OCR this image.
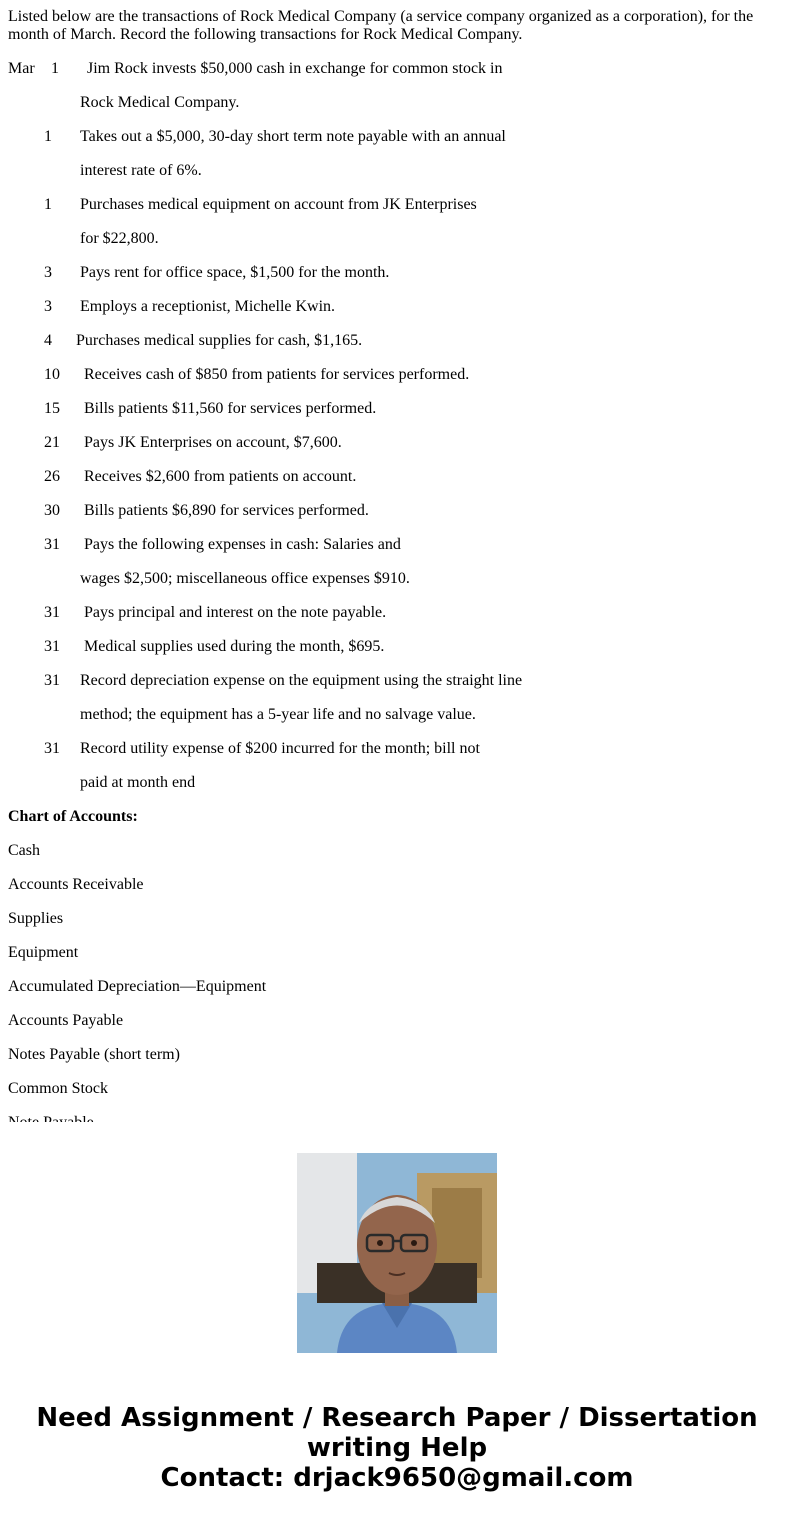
Listed below are the transactions of Rock Medical Company (a service company organized as a corporation), for the month of March. Record the following transactions for Rock Medical Company.

Mar 1 Jim Rock invests $50,000 cash in exchange for common stock in
Rock Medical Company.
1 Takes out a $5,000, 30-day short term note payable with an annual
interest rate of 6%.
1 Purchases medical equipment on account from JK Enterprises
for $22,800.
3 Pays rent for office space, $1,500 for the month.
3 Employs a receptionist, Michelle Kwin.
4 Purchases medical supplies for cash, $1,165.
10 Receives cash of $850 from patients for services performed.
15 Bills patients $11,560 for services performed.
21 Pays JK Enterprises on account, $7,600.
26 Receives $2,600 from patients on account.
30 Bills patients $6,890 for services performed.
31 Pays the following expenses in cash: Salaries and
wages $2,500; miscellaneous office expenses $910.
31 Pays principal and interest on the note payable.
31 Medical supplies used during the month, $695.
31 Record depreciation expense on the equipment using the straight line
method; the equipment has a 5-year life and no salvage value.
31 Record utility expense of $200 incurred for the month; bill not
paid at month end
Chart of Accounts:
Cash
Accounts Receivable
Supplies
Equipment
Accumulated Depreciation—Equipment
Accounts Payable
Notes Payable (short term)
Common Stock
Need Assignment / Research Paper / Dissertation
writing Help
Contact: drjack9650@gmail.com
